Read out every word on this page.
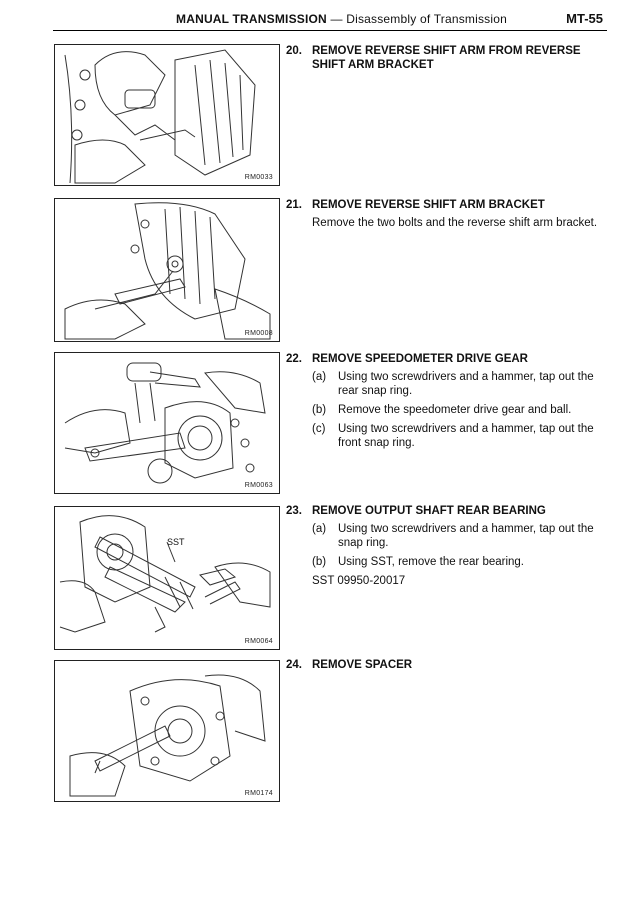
MANUAL TRANSMISSION — Disassembly of Transmission	MT-55
RM0033
RM0008
RM0063
SST
RM0064
RM0174
20. REMOVE REVERSE SHIFT ARM FROM REVERSE SHIFT ARM BRACKET
21. REMOVE REVERSE SHIFT ARM BRACKET
Remove the two bolts and the reverse shift arm bracket.
22. REMOVE SPEEDOMETER DRIVE GEAR
(a)	Using two screwdrivers and a hammer, tap out the rear snap ring.
(b)	Remove the speedometer drive gear and ball.
(c)	Using two screwdrivers and a hammer, tap out the front snap ring.
23. REMOVE OUTPUT SHAFT REAR BEARING
(a)	Using two screwdrivers and a hammer, tap out the snap ring.
(b)	Using SST, remove the rear bearing.
SST 09950-20017
24. REMOVE SPACER
